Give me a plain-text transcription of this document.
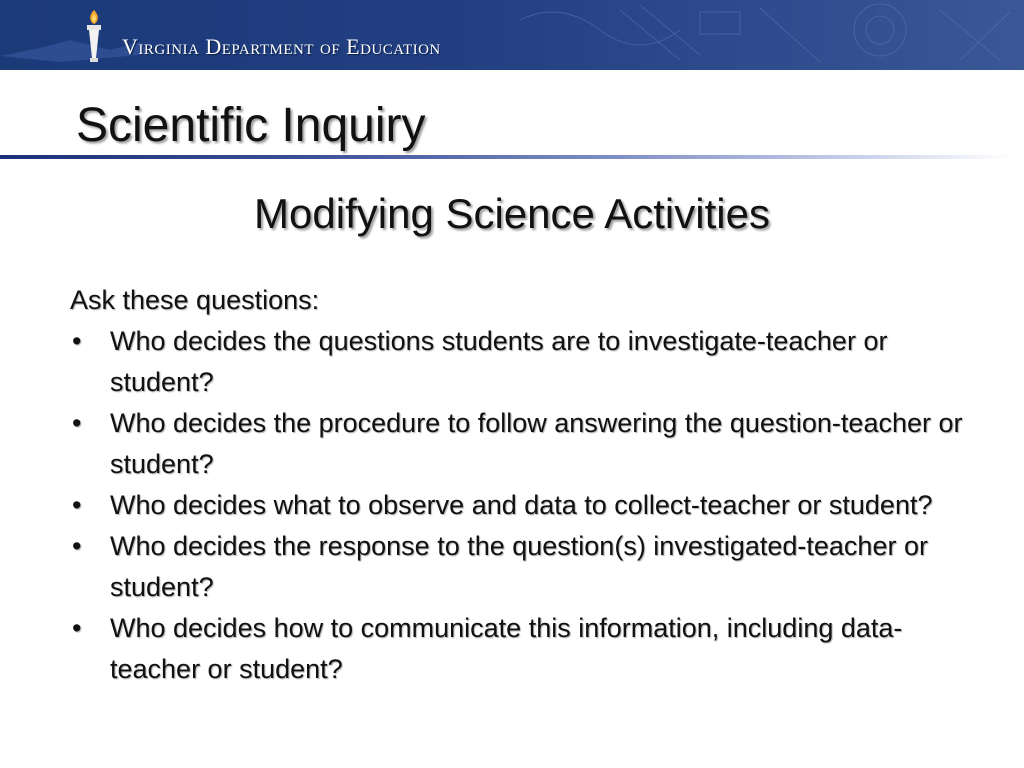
Virginia Department of Education
Scientific Inquiry
Modifying Science Activities

Ask these questions:

• Who decides the questions students are to investigate-teacher or student?
• Who decides the procedure to follow answering the question-teacher or student?
• Who decides what to observe and data to collect-teacher or student?
• Who decides the response to the question(s) investigated-teacher or student?
• Who decides how to communicate this information, including data-teacher or student?
